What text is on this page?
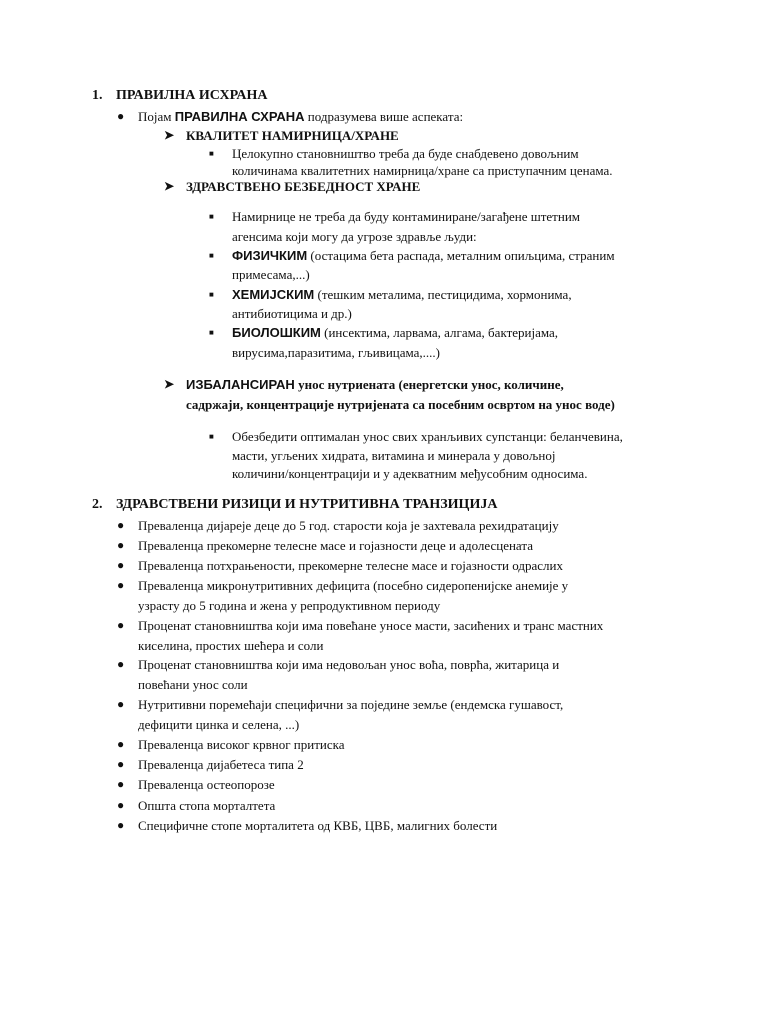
1. ПРАВИЛНА ИСХРАНА
● Појам ПРАВИЛНА СХРАНА подразумева више аспеката:
➤ КВАЛИТЕТ НАМИРНИЦА/ХРАНЕ
■ Целокупно становништво треба да буде снабдевено довољним
количинама квалитетних намирница/хране са приступачним ценама.
➤ ЗДРАВСТВЕНО БЕЗБЕДНОСТ ХРАНЕ
■ Намирнице не треба да буду контаминиране/загађене штетним
агенсима који могу да угрозе здравље људи:
■ ФИЗИЧКИМ (остацима бета распада, металним опиљцима, страним
примесама,...)
■ ХЕМИЈСКИМ (тешким металима, пестицидима, хормонима,
антибиотицима и др.)
■ БИОЛОШКИМ (инсектима, ларвама, алгама, бактеријама,
вирусима,паразитима, гљивицама,....)
➤ ИЗБАЛАНСИРАН унос нутриената (енергетски унос, количине,
садржаји, концентрације нутријената са посебним освртом на унос воде)
■ Обезбедити оптималан унос свих хранљивих супстанци: беланчевина,
масти, угљених хидрата, витамина и минерала у довољној
количини/концентрацији и у адекватним међусобним односима.
2. ЗДРАВСТВЕНИ РИЗИЦИ И НУТРИТИВНА ТРАНЗИЦИЈА
● Преваленца дијареје деце до 5 год. старости која је захтевала рехидратацију
● Преваленца прекомерне телесне масе и гојазности деце и адолесцената
● Преваленца потхрањености, прекомерне телесне масе и гојазности одраслих
● Преваленца микронутритивних дефицита (посебно сидеропенијске анемије у
узрасту до 5 година и жена у репродуктивном периоду
● Проценат становништва који има повећане уносе масти, засићених и транс мастних
киселина, простих шећера и соли
● Проценат становништва који има недовољан унос воћа, поврћа, житарица и
повећани унос соли
● Нутритивни поремећаји специфични за поједине земље (ендемска гушавост,
дефицити цинка и селена, ...)
● Преваленца високог крвног притиска
● Преваленца дијабетеса типа 2
● Преваленца остеопорозе
● Општа стопа морталтета
● Специфичне стопе морталитета од КВБ, ЦВБ, малигних болести
